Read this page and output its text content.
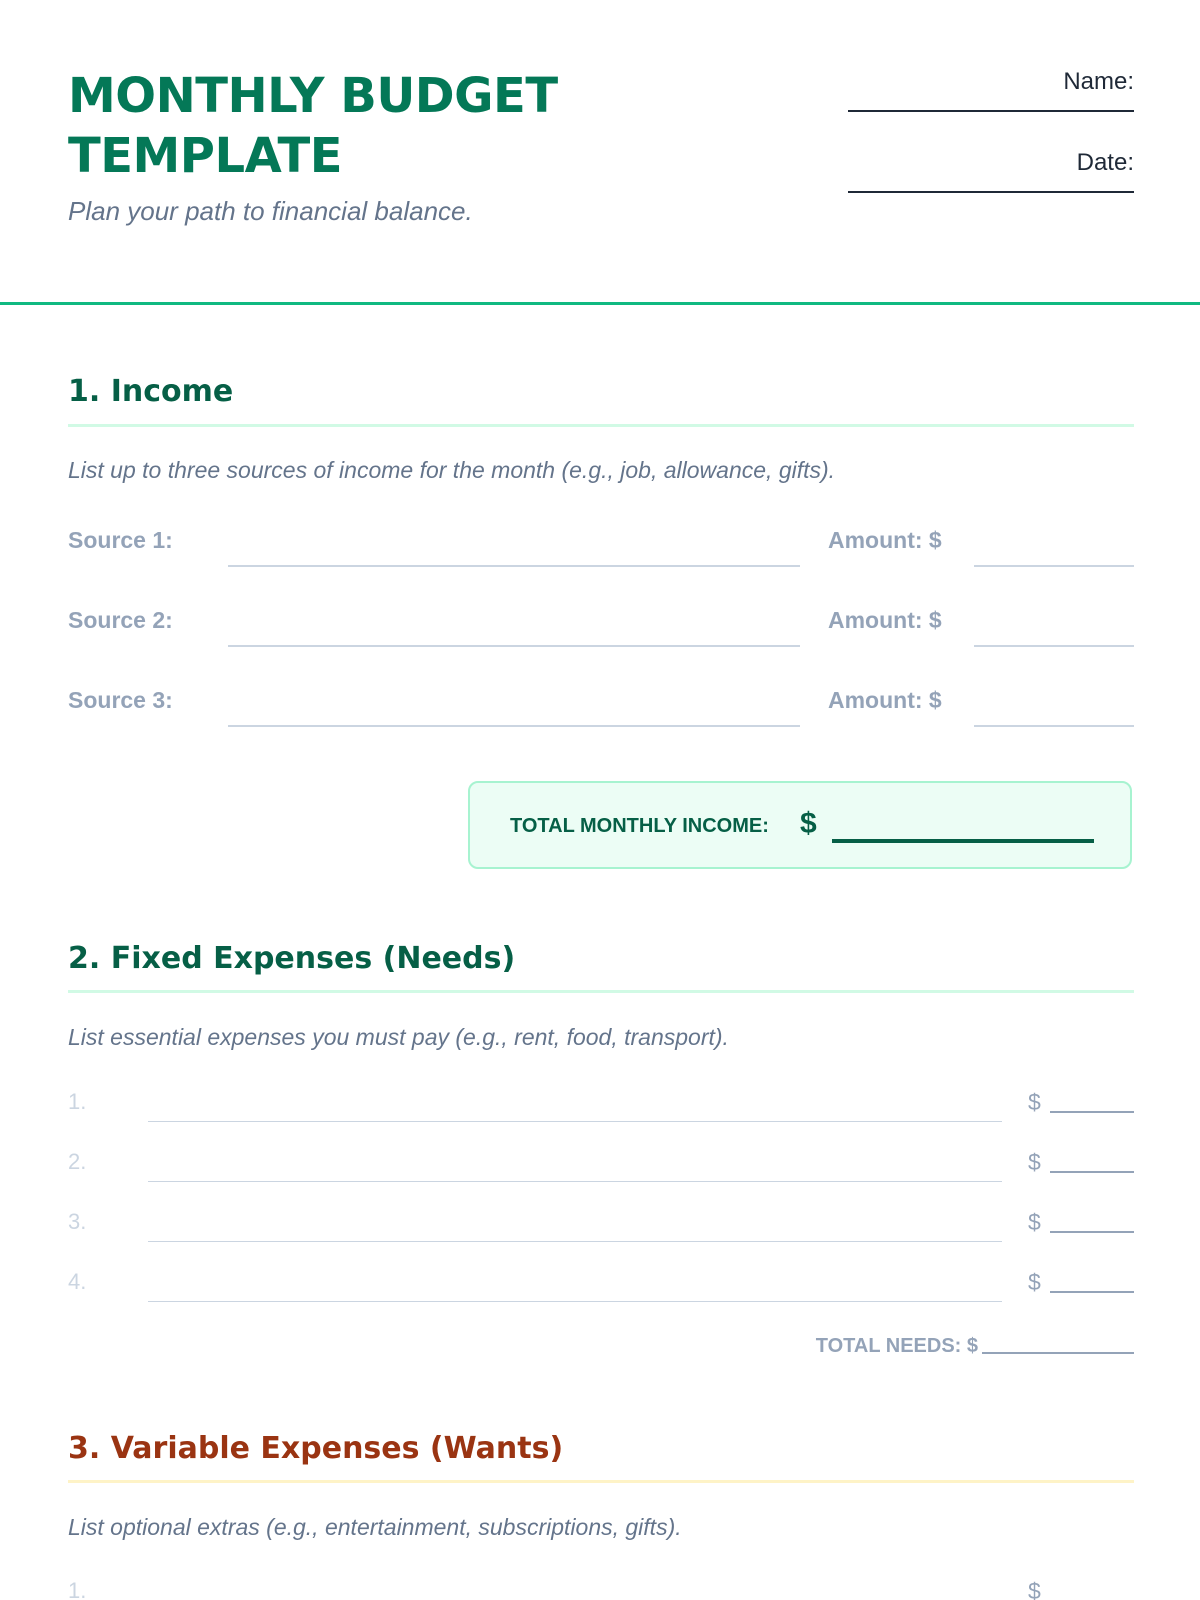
MONTHLY BUDGET
TEMPLATE
Plan your path to financial balance.
Name:
Date:
1. Income
List up to three sources of income for the month (e.g., job, allowance, gifts).
Source 1:	Amount: $
Source 2:	Amount: $
Source 3:	Amount: $
TOTAL MONTHLY INCOME: $
2. Fixed Expenses (Needs)
List essential expenses you must pay (e.g., rent, food, transport).
1.	$
2.	$
3.	$
4.	$
TOTAL NEEDS: $
3. Variable Expenses (Wants)
List optional extras (e.g., entertainment, subscriptions, gifts).
1.	$
